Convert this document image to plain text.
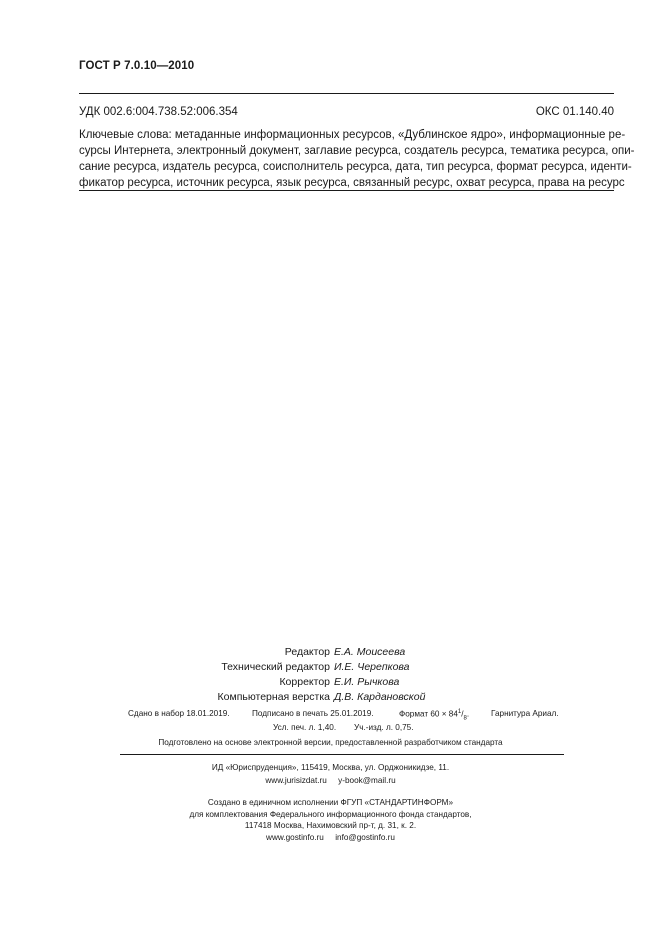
ГОСТ Р 7.0.10—2010
УДК 002.6:004.738.52:006.354	ОКС 01.140.40
Ключевые слова: метаданные информационных ресурсов, «Дублинское ядро», информационные ре-
сурсы Интернета, электронный документ, заглавие ресурса, создатель ресурса, тематика ресурса, опи-
сание ресурса, издатель ресурса, соисполнитель ресурса, дата, тип ресурса, формат ресурса, иденти-
фикатор ресурса, источник ресурса, язык ресурса, связанный ресурс, охват ресурса, права на ресурс
Редактор Е.А. Моисеева
Технический редактор И.Е. Черепкова
Корректор Е.И. Рычкова
Компьютерная верстка Д.В. Кардановской
Сдано в набор 18.01.2019.	Подписано в печать 25.01.2019.	Формат $60 \times 84^1/_8$.	Гарнитура Ариал.
Усл. печ. л. 1,40. Уч.-изд. л. 0,75.
Подготовлено на основе электронной версии, предоставленной разработчиком стандарта
ИД «Юриспруденция», 115419, Москва, ул. Орджоникидзе, 11.
www.jurisizdat.ru y-book@mail.ru
Создано в единичном исполнении ФГУП «СТАНДАРТИНФОРМ»
для комплектования Федерального информационного фонда стандартов,
117418 Москва, Нахимовский пр-т, д. 31, к. 2.
www.gostinfo.ru info@gostinfo.ru
